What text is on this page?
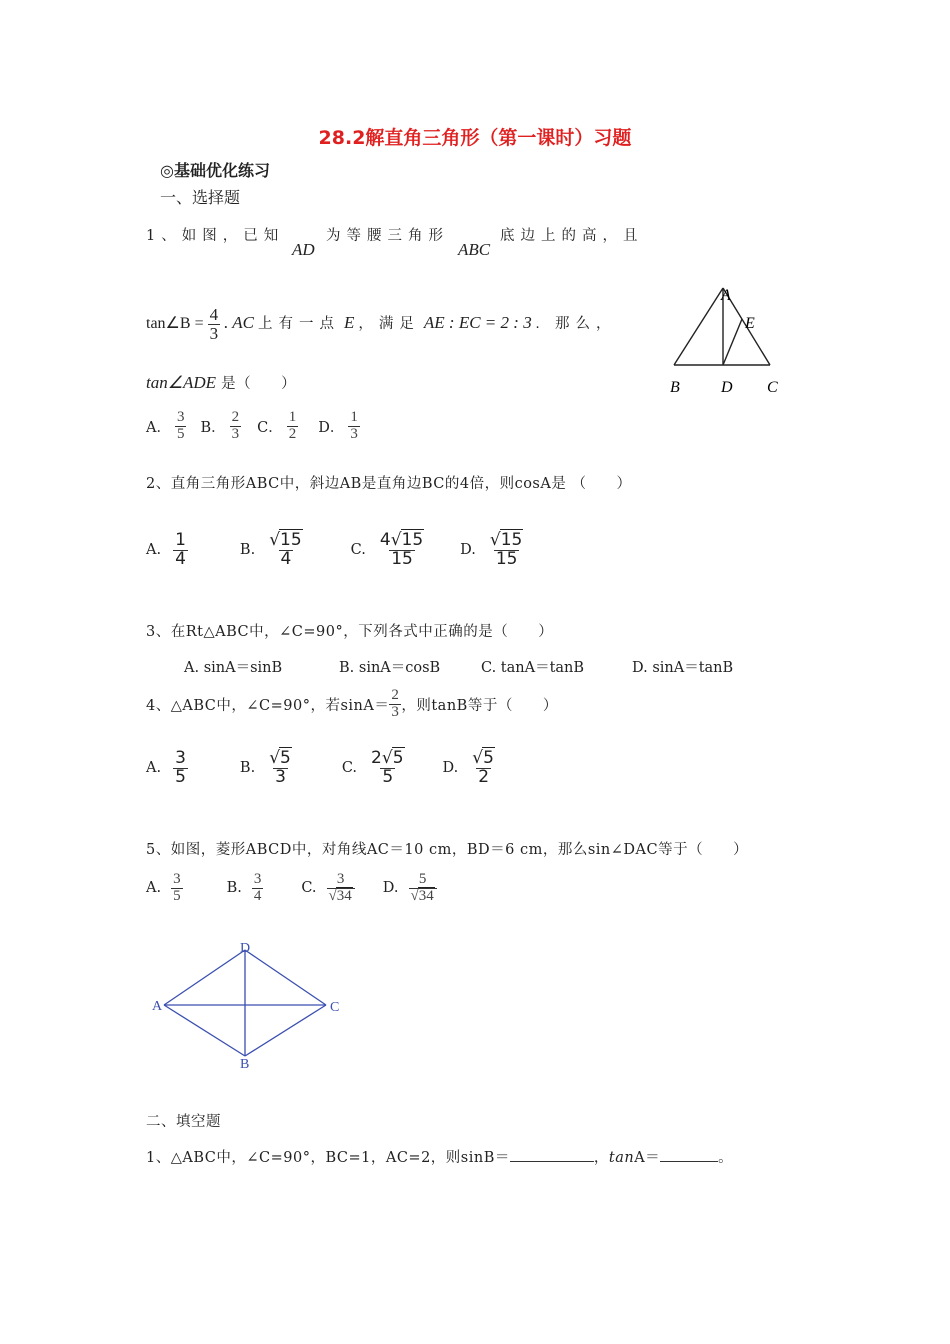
28.2解直角三角形（第一课时）习题
◎基础优化练习
一、选择题
1、如图，已知
AD
为等腰三角形
ABC
底边上的高，且
tan∠B = $\frac{4}{3}$ . AC 上有一点 E ，满足 AE : EC = 2 : 3 . 那么，
tan∠ADE 是（　　）
A． $\frac{3}{5}$ B． $\frac{2}{3}$ C． $\frac{1}{2}$ D． $\frac{1}{3}$
A
E
B	D C
2、直角三角形ABC中，斜边AB是直角边BC的4倍，则cosA是 （　　）
A. $\frac{1}{4}$	B. $\frac{√15}{4}$	C. $\frac{4√15}{15} D$. $\frac{√15}{15}$
3、在Rt△ABC中，∠C=90°，下列各式中正确的是（　　）
A. sinA＝sinB	B. sinA＝cosB	C. tanA＝tanB	D. sinA＝tanB
4、△ABC中，∠C=90°，若$\sin A= \frac{2}{3}$ ，则tanB等于（　　）
A. $\frac{3}{5}$	B. $\frac{√5}{3}$	C. $\frac{2√5}{5} D$. $\frac{√5}{2}$
5、如图，菱形ABCD中，对角线AC＝10 cm，BD＝6 cm，那么sin∠DAC等于（　　）
A. $\frac{3}{5}$	B. $\frac{3}{4}$	C. $\frac{3}{√34} D$. $\frac{5}{√34}$
A
D
C
B
二、填空题
1、△ABC中，∠C=90°，BC=1，AC=2，则sinB＝	，tanA＝	。
